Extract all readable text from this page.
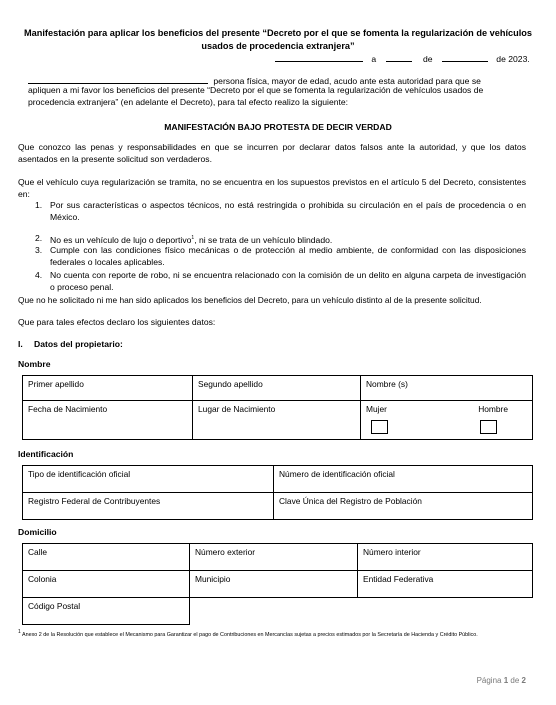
Manifestación para aplicar los beneficios del presente “Decreto por el que se fomenta la regularización de vehículos usados de procedencia extranjera”
a	de	de 2023.
persona física, mayor de edad, acudo ante esta autoridad para que se
apliquen a mi favor los beneficios del presente “Decreto por el que se fomenta la regularización de vehículos usados de
procedencia extranjera” (en adelante el Decreto), para tal efecto realizo la siguiente:
MANIFESTACIÓN BAJO PROTESTA DE DECIR VERDAD
Que conozco las penas y responsabilidades en que se incurren por declarar datos falsos ante la autoridad, y que los datos asentados en la presente solicitud son verdaderos.
Que el vehículo cuya regularización se tramita, no se encuentra en los supuestos previstos en el artículo 5 del Decreto, consistentes en:
1. Por sus características o aspectos técnicos, no está restringida o prohibida su circulación en el país de procedencia o en México.
2. No es un vehículo de lujo o deportivo$^1$, ni se trata de un vehículo blindado.
3. Cumple con las condiciones físico mecánicas o de protección al medio ambiente, de conformidad con las disposiciones federales o locales aplicables.
4. No cuenta con reporte de robo, ni se encuentra relacionado con la comisión de un delito en alguna carpeta de investigación o proceso penal.
Que no he solicitado ni me han sido aplicados los beneficios del Decreto, para un vehículo distinto al de la presente solicitud.
Que para tales efectos declaro los siguientes datos:
I. Datos del propietario:
Nombre
Primer apellido	Segundo apellido	Nombre (s)
Fecha de Nacimiento	Lugar de Nacimiento	Mujer Hombre
Identificación
Tipo de identificación oficial	Número de identificación oficial
Registro Federal de Contribuyentes	Clave Única del Registro de Población
Domicilio
Calle	Número exterior	Número interior
Colonia	Municipio	Entidad Federativa
Código Postal		
1 Anexo 2 de la Resolución que establece el Mecanismo para Garantizar el pago de Contribuciones en Mercancías sujetas a precios estimados por la Secretaría de Hacienda y Crédito Público.
Página 1 de 2
